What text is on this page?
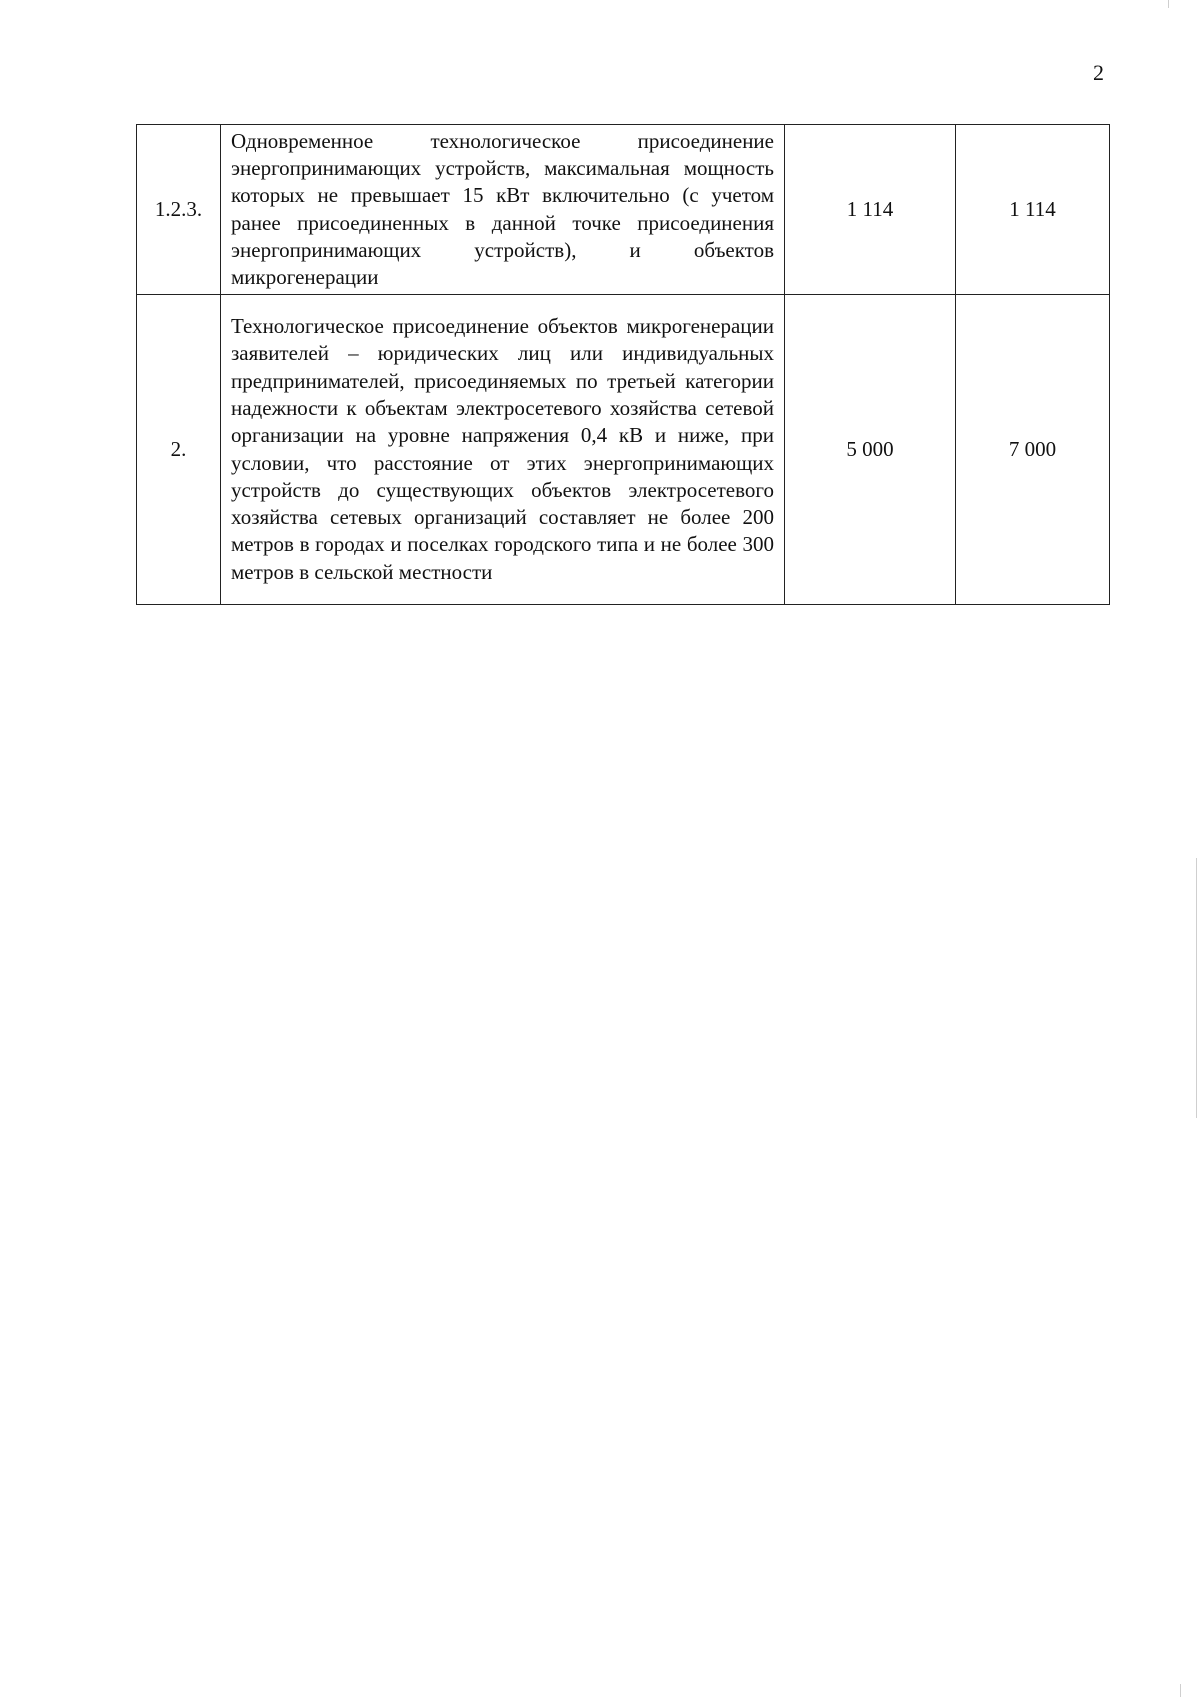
2
1.2.3.	Одновременное технологическое присоединение энергопринимающих устройств, максимальная мощность которых не превышает 15 кВт включительно (с учетом ранее присоединенных в данной точке присоединения энергопринимающих устройств), и объектов микрогенерации	1 114	1 114
2.	Технологическое присоединение объектов микрогенерации заявителей – юридических лиц или индивидуальных предпринимателей, присоединяемых по третьей категории надежности к объектам электросетевого хозяйства сетевой организации на уровне напряжения 0,4 кВ и ниже, при условии, что расстояние от этих энергопринимающих устройств до существующих объектов электросетевого хозяйства сетевых организаций составляет не более 200 метров в городах и поселках городского типа и не более 300 метров в сельской местности	5 000	7 000
